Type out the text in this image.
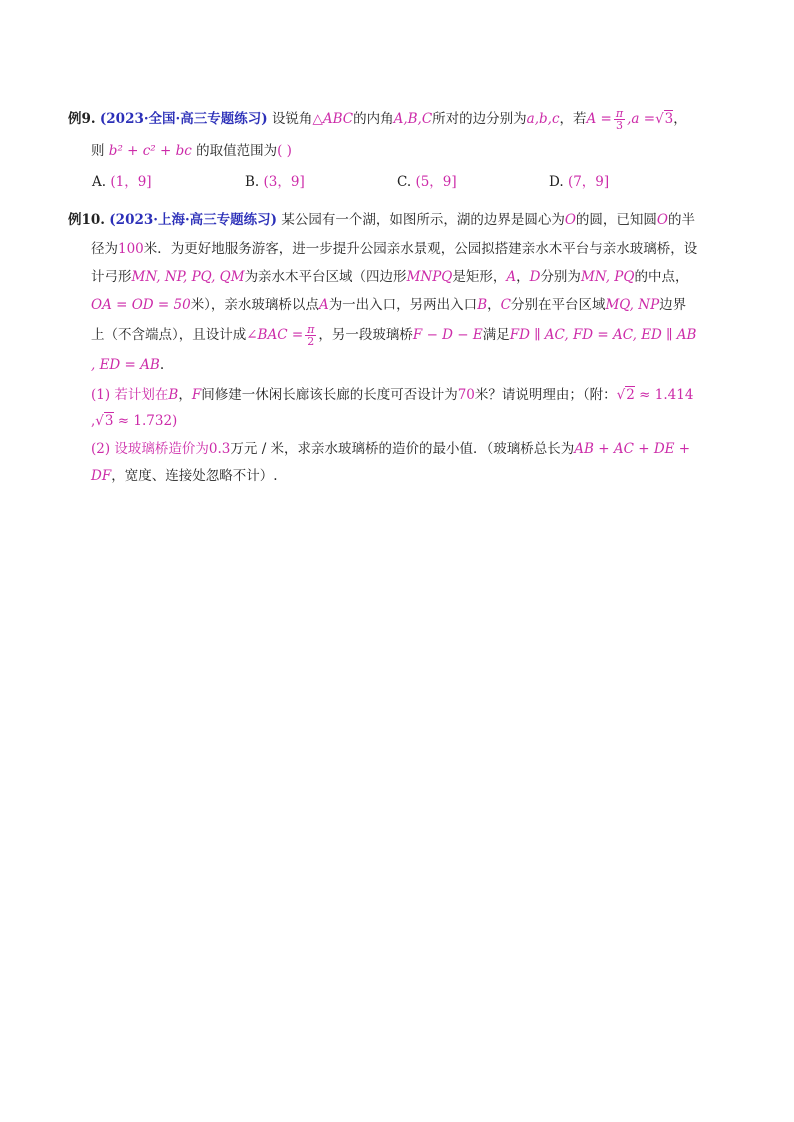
例9. (2023·全国·高三专题练习) 设锐角△ABC的内角A,B,C所对的边分别为a,b,c，若$A = \frac{\pi}{3} ,a =√3$，
则 b² + c² + bc 的取值范围为( )
A. (1，9]	B. (3，9]	C. (5，9]	D. (7，9]
例10. (2023·上海·高三专题练习) 某公园有一个湖，如图所示，湖的边界是圆心为O的圆，已知圆O的半
径为100米．为更好地服务游客，进一步提升公园亲水景观，公园拟搭建亲水木平台与亲水玻璃桥，设
计弓形MN, NP, PQ, QM为亲水木平台区域（四边形MNPQ是矩形，A，D分别为MN, PQ的中点，
OA = OD = 50米），亲水玻璃桥以点A为一出入口，另两出入口B，C分别在平台区域MQ, NP边界
上（不含端点），且设计成∠BAC = $\frac{\pi}{2}$ ，另一段玻璃桥F − D − E满足FD ∥ AC, FD = AC, ED ∥ AB
, ED = AB.
(1) 若计划在B，F间修建一休闲长廊该长廊的长度可否设计为70米？请说明理由；（附：√2 ≈ 1.414
,√3 ≈ 1.732)
(2) 设玻璃桥造价为0.3万元 / 米，求亲水玻璃桥的造价的最小值．（玻璃桥总长为AB + AC + DE +
DF，宽度、连接处忽略不计）.
